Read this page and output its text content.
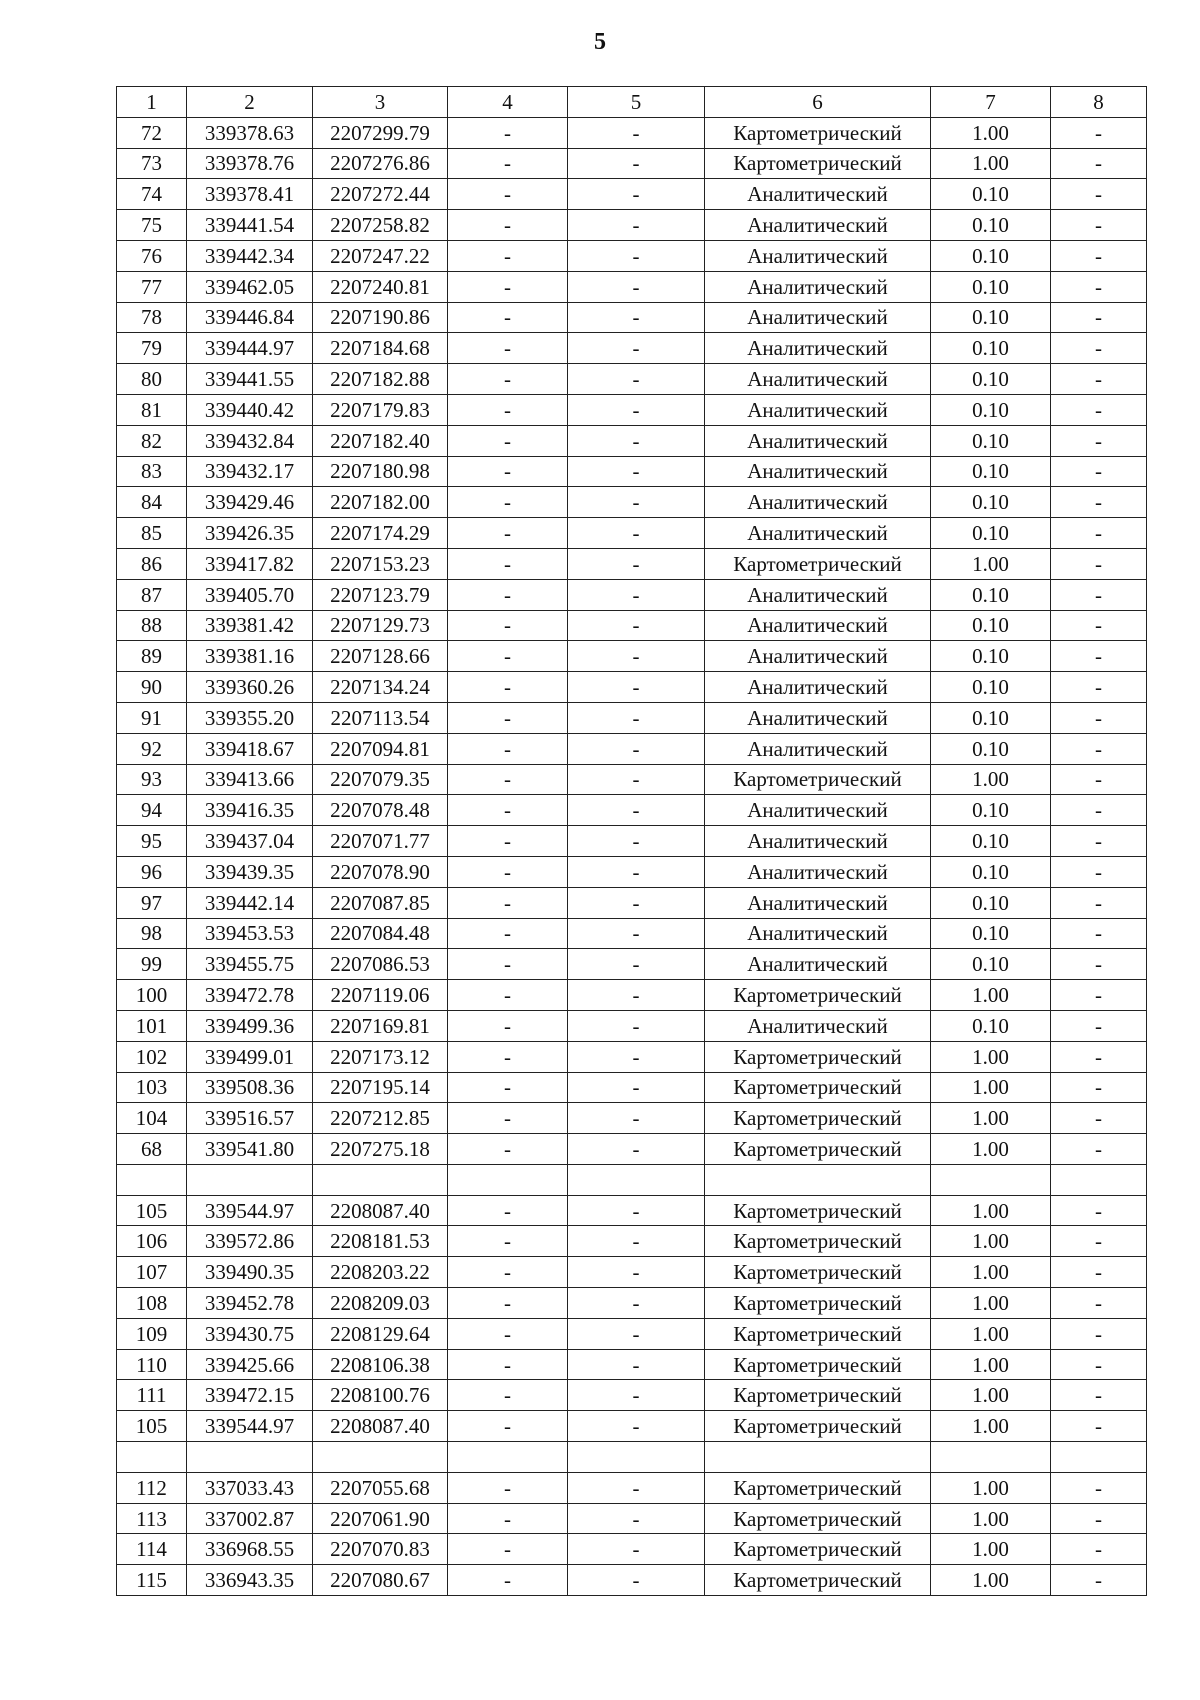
5
1	2	3	4	5	6	7	8
72	339378.63	2207299.79	-	-	Картометрический	1.00	-
73	339378.76	2207276.86	-	-	Картометрический	1.00	-
74	339378.41	2207272.44	-	-	Аналитический	0.10	-
75	339441.54	2207258.82	-	-	Аналитический	0.10	-
76	339442.34	2207247.22	-	-	Аналитический	0.10	-
77	339462.05	2207240.81	-	-	Аналитический	0.10	-
78	339446.84	2207190.86	-	-	Аналитический	0.10	-
79	339444.97	2207184.68	-	-	Аналитический	0.10	-
80	339441.55	2207182.88	-	-	Аналитический	0.10	-
81	339440.42	2207179.83	-	-	Аналитический	0.10	-
82	339432.84	2207182.40	-	-	Аналитический	0.10	-
83	339432.17	2207180.98	-	-	Аналитический	0.10	-
84	339429.46	2207182.00	-	-	Аналитический	0.10	-
85	339426.35	2207174.29	-	-	Аналитический	0.10	-
86	339417.82	2207153.23	-	-	Картометрический	1.00	-
87	339405.70	2207123.79	-	-	Аналитический	0.10	-
88	339381.42	2207129.73	-	-	Аналитический	0.10	-
89	339381.16	2207128.66	-	-	Аналитический	0.10	-
90	339360.26	2207134.24	-	-	Аналитический	0.10	-
91	339355.20	2207113.54	-	-	Аналитический	0.10	-
92	339418.67	2207094.81	-	-	Аналитический	0.10	-
93	339413.66	2207079.35	-	-	Картометрический	1.00	-
94	339416.35	2207078.48	-	-	Аналитический	0.10	-
95	339437.04	2207071.77	-	-	Аналитический	0.10	-
96	339439.35	2207078.90	-	-	Аналитический	0.10	-
97	339442.14	2207087.85	-	-	Аналитический	0.10	-
98	339453.53	2207084.48	-	-	Аналитический	0.10	-
99	339455.75	2207086.53	-	-	Аналитический	0.10	-
100	339472.78	2207119.06	-	-	Картометрический	1.00	-
101	339499.36	2207169.81	-	-	Аналитический	0.10	-
102	339499.01	2207173.12	-	-	Картометрический	1.00	-
103	339508.36	2207195.14	-	-	Картометрический	1.00	-
104	339516.57	2207212.85	-	-	Картометрический	1.00	-
68	339541.80	2207275.18	-	-	Картометрический	1.00	-

105	339544.97	2208087.40	-	-	Картометрический	1.00	-
106	339572.86	2208181.53	-	-	Картометрический	1.00	-
107	339490.35	2208203.22	-	-	Картометрический	1.00	-
108	339452.78	2208209.03	-	-	Картометрический	1.00	-
109	339430.75	2208129.64	-	-	Картометрический	1.00	-
110	339425.66	2208106.38	-	-	Картометрический	1.00	-
111	339472.15	2208100.76	-	-	Картометрический	1.00	-
105	339544.97	2208087.40	-	-	Картометрический	1.00	-

112	337033.43	2207055.68	-	-	Картометрический	1.00	-
113	337002.87	2207061.90	-	-	Картометрический	1.00	-
114	336968.55	2207070.83	-	-	Картометрический	1.00	-
115	336943.35	2207080.67	-	-	Картометрический	1.00	-
